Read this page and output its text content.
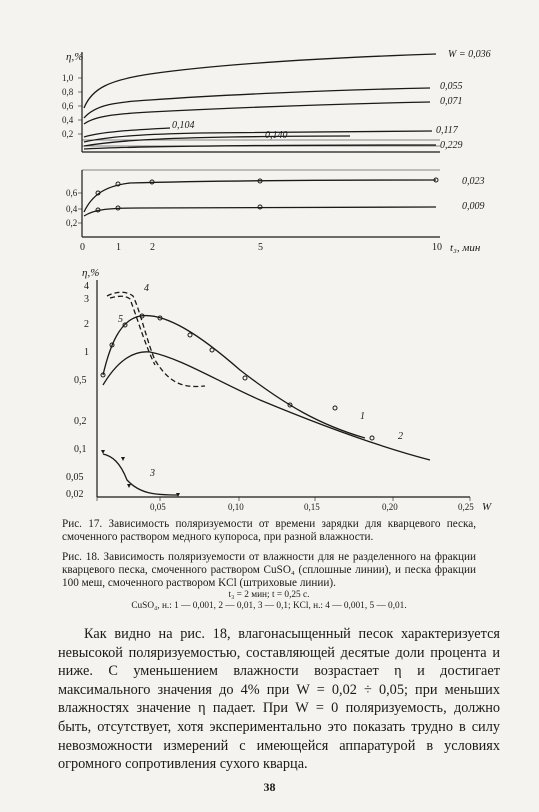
η,%
1,0
0,8
0,6
0,4
0,2
W = 0,036
0,055
0,071
0,104	0,117
0,140
0,229
0,6
0,4
0,2
0,023
0,009
0	1	2	5	10 t₃, мин
η,%
4
3
2
1
0,5
0,2
0,1
0,05
0,02
0,05	0,10	0,15	0,20	0,25 W
1
2
3
4
5
Рис. 17. Зависимость поляризуемости от времени зарядки для кварцевого песка, смоченного раствором медного купороса, при разной влажности.
Рис. 18. Зависимость поляризуемости от влажности для не разделенного на фракции кварцевого песка, смоченного раствором CuSO₄ (сплошные линии), и песка фракции 100 меш, смоченного раствором KCl (штриховые линии).
t₃ = 2 мин; t = 0,25 с.
CuSO₄, н.: 1 — 0,001, 2 — 0,01, 3 — 0,1; KCl, н.: 4 — 0,001, 5 — 0,01.

Как видно на рис. 18, влагонасыщенный песок характеризуется невысокой поляризуемостью, составляющей десятые доли процента и ниже. С уменьшением влажности возрастает η и достигает максимального значения до 4% при W = 0,02 ÷ 0,05; при меньших влажностях значение η падает. При W = 0 поляризуемость, должно быть, отсутствует, хотя экспериментально это показать трудно в силу невозможности измерений с имеющейся аппаратурой в условиях огромного сопротивления сухого кварца.

38
